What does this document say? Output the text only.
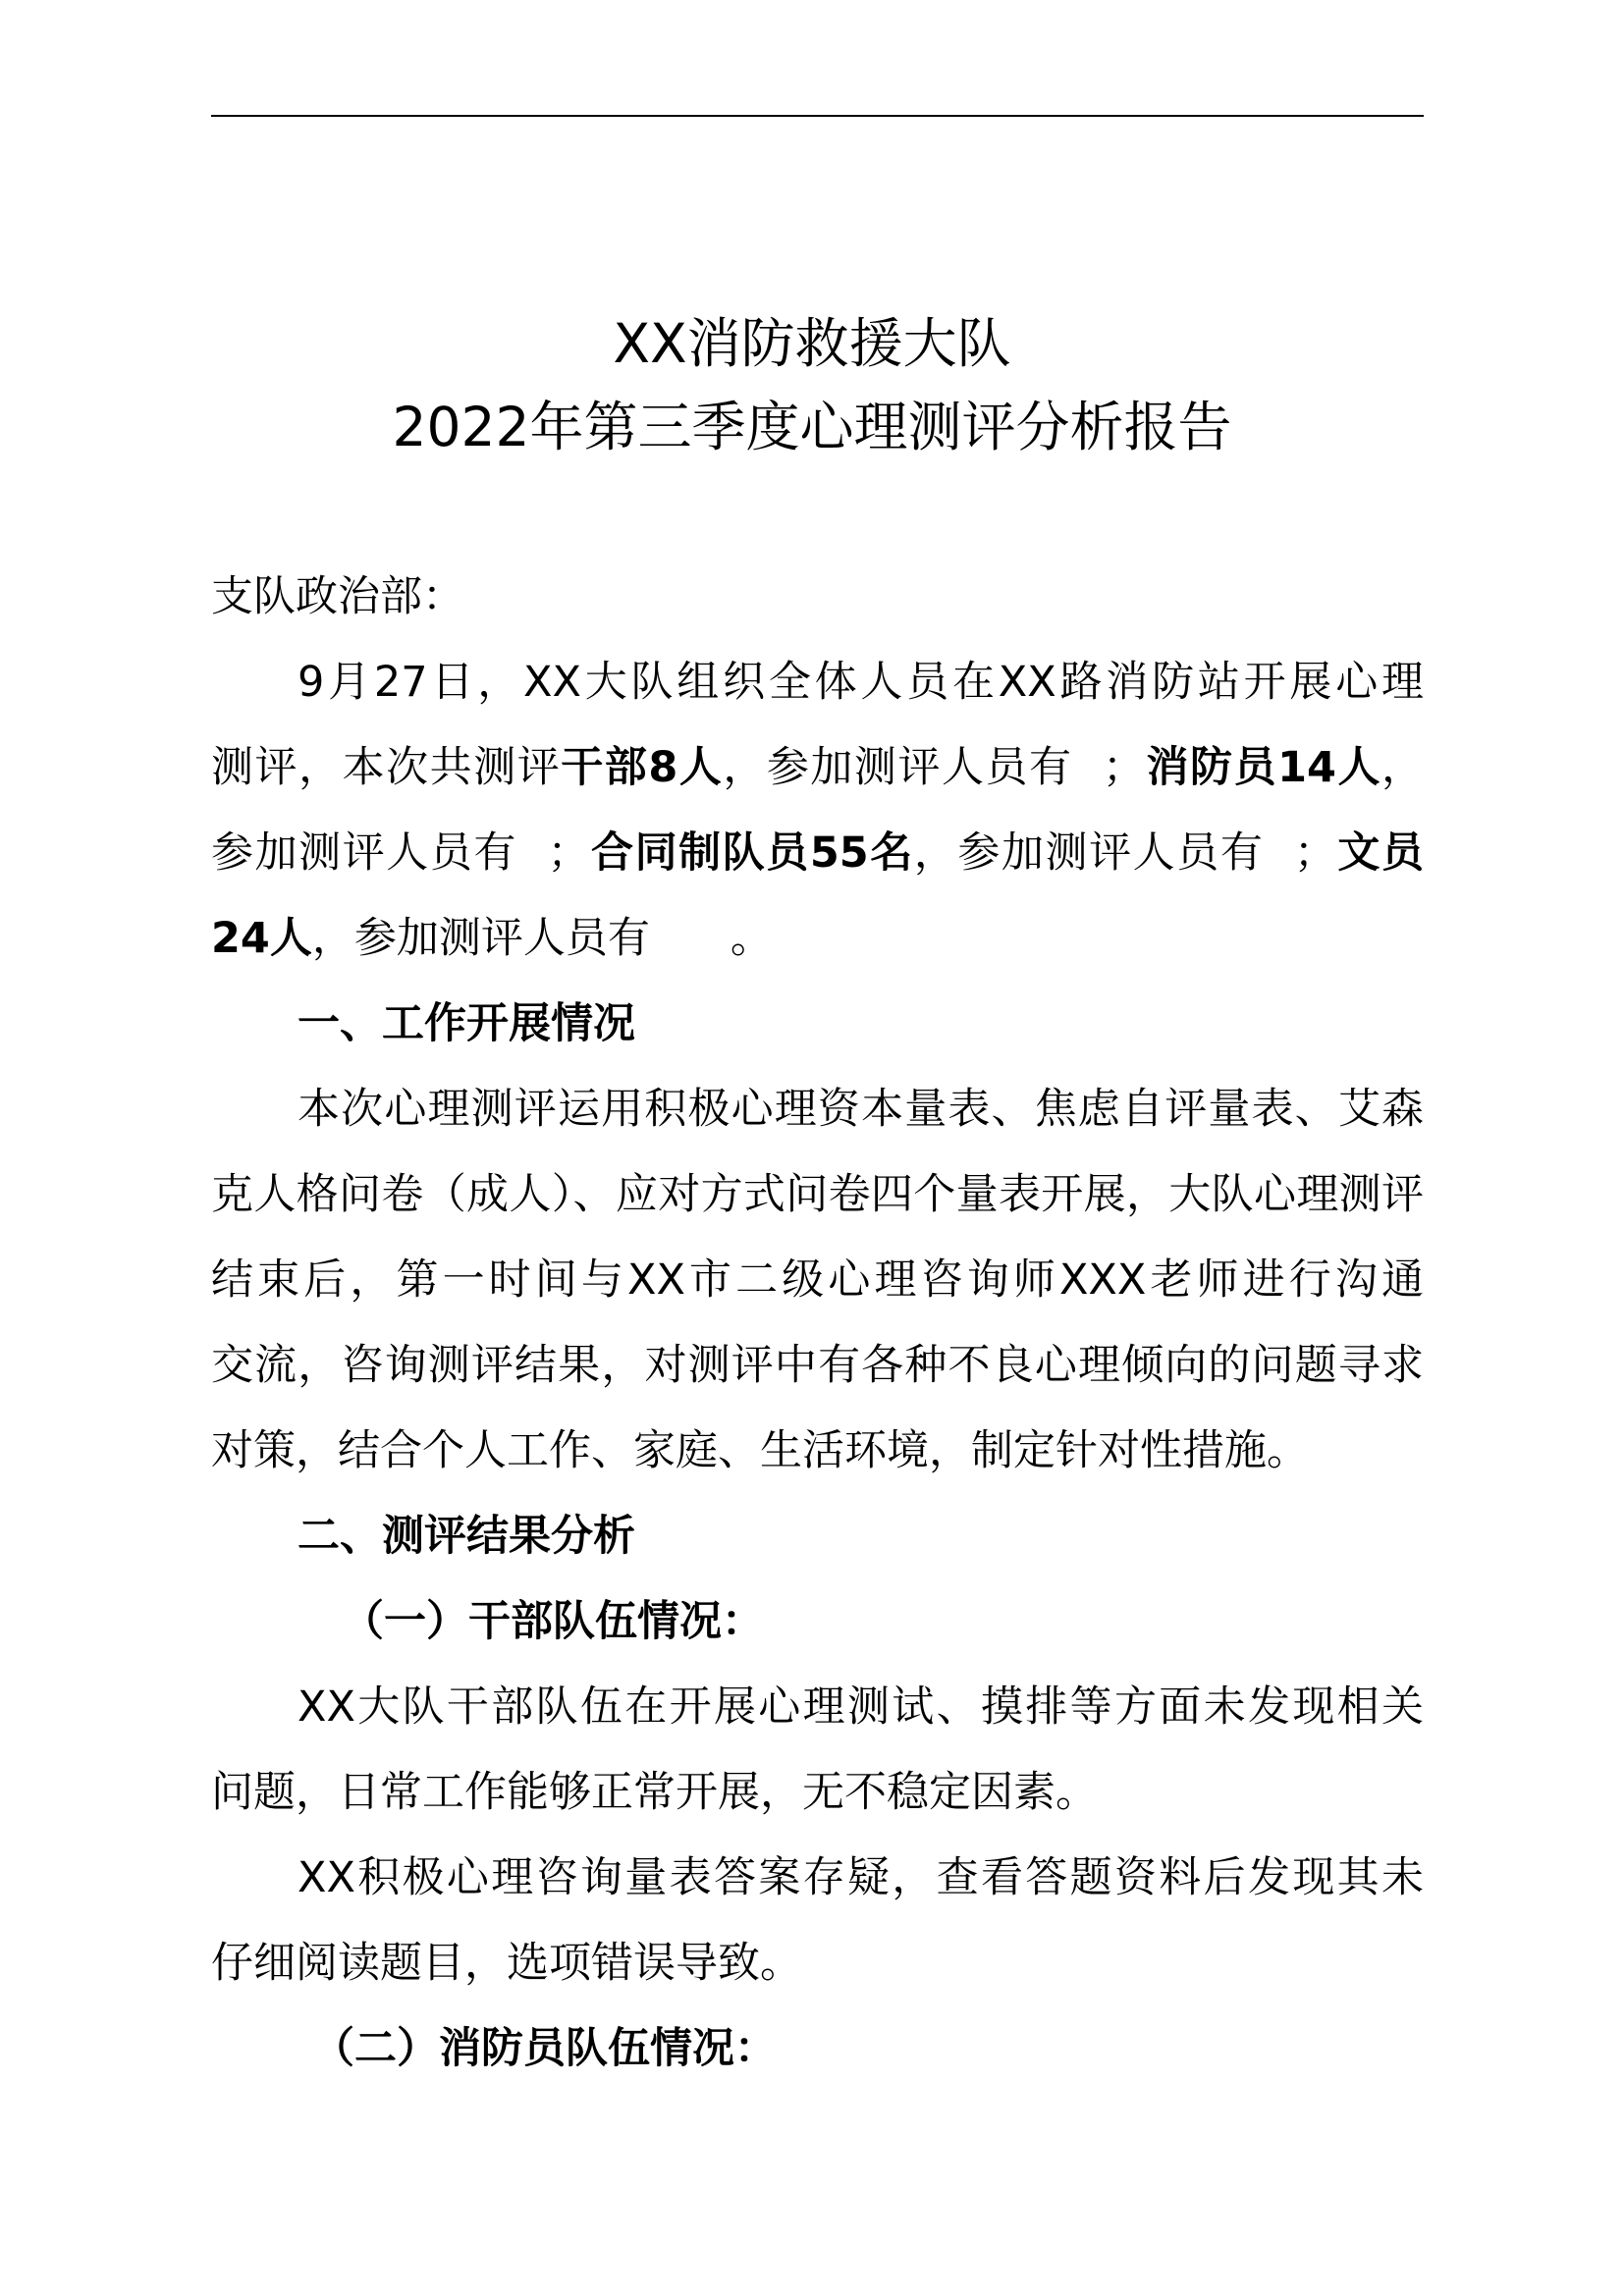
XX消防救援大队
2022年第三季度心理测评分析报告
支队政治部：
9月27日，XX大队组织全体人员在XX路消防站开展心理
测评，本次共测评干部8人，参加测评人员有  ；消防员14人，
参加测评人员有  ；合同制队员55名，参加测评人员有  ；文员
24人，参加测评人员有      。
一、工作开展情况
本次心理测评运用积极心理资本量表、焦虑自评量表、艾森
克人格问卷（成人）、应对方式问卷四个量表开展，大队心理测评
结束后，第一时间与XX市二级心理咨询师XXX老师进行沟通
交流，咨询测评结果，对测评中有各种不良心理倾向的问题寻求
对策，结合个人工作、家庭、生活环境，制定针对性措施。
二、测评结果分析
（一）干部队伍情况：
XX大队干部队伍在开展心理测试、摸排等方面未发现相关
问题，日常工作能够正常开展，无不稳定因素。
XX积极心理咨询量表答案存疑，查看答题资料后发现其未
仔细阅读题目，选项错误导致。
（二）消防员队伍情况：
